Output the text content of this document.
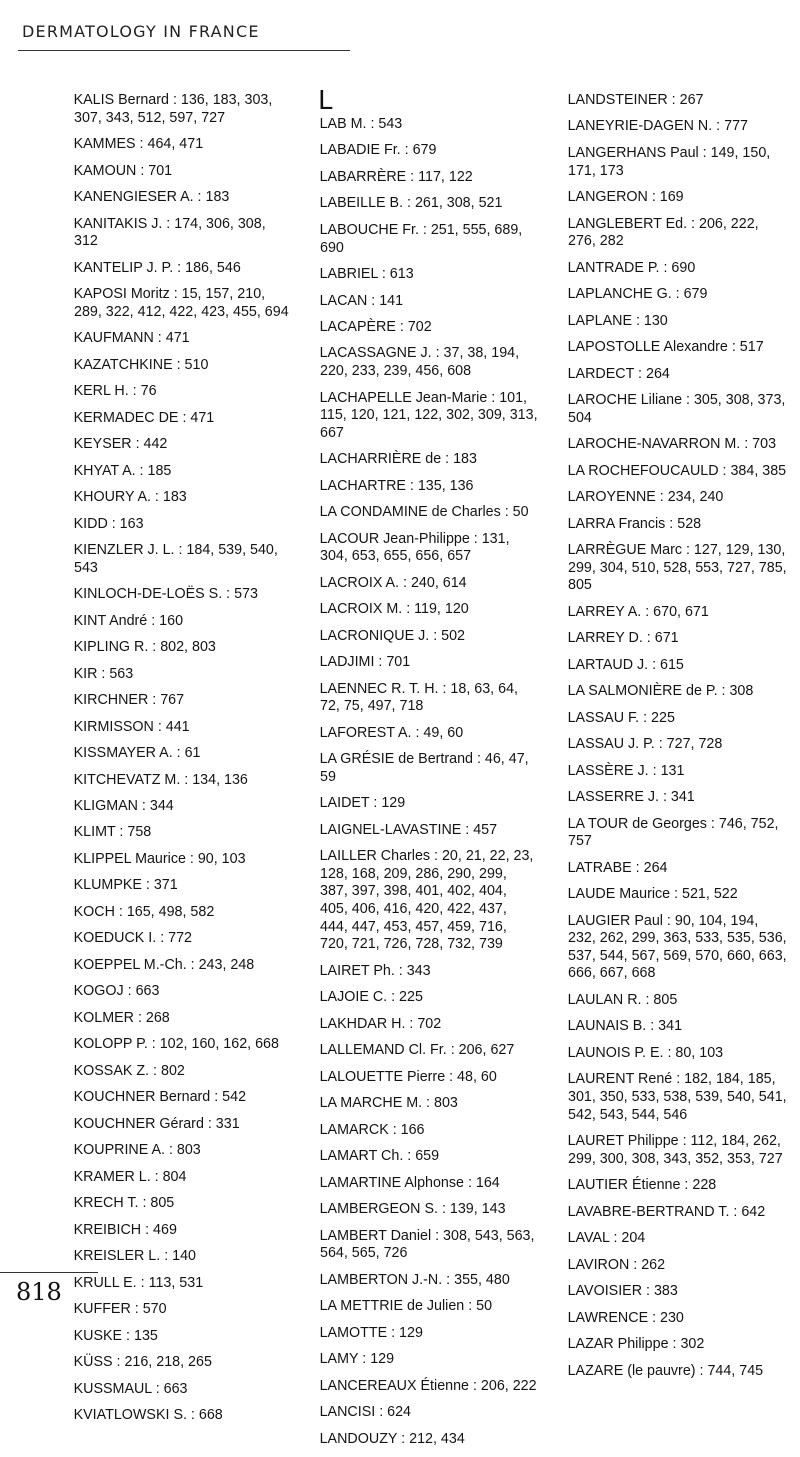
DERMATOLOGY IN FRANCE
KALIS Bernard : 136, 183, 303, 307, 343, 512, 597, 727
KAMMES : 464, 471
KAMOUN : 701
KANENGIESER A. : 183
KANITAKIS J. : 174, 306, 308, 312
KANTELIP J. P. : 186, 546
KAPOSI Moritz : 15, 157, 210, 289, 322, 412, 422, 423, 455, 694
KAUFMANN : 471
KAZATCHKINE : 510
KERL H. : 76
KERMADEC DE : 471
KEYSER : 442
KHYAT A. : 185
KHOURY A. : 183
KIDD : 163
KIENZLER J. L. : 184, 539, 540, 543
KINLOCH-DE-LOËS S. : 573
KINT André : 160
KIPLING R. : 802, 803
KIR : 563
KIRCHNER : 767
KIRMISSON : 441
KISSMAYER A. : 61
KITCHEVATZ M. : 134, 136
KLIGMAN : 344
KLIMT : 758
KLIPPEL Maurice : 90, 103
KLUMPKE : 371
KOCH : 165, 498, 582
KOEDUCK I. : 772
KOEPPEL M.-Ch. : 243, 248
KOGOJ : 663
KOLMER : 268
KOLOPP P. : 102, 160, 162, 668
KOSSAK Z. : 802
KOUCHNER Bernard : 542
KOUCHNER Gérard : 331
KOUPRINE A. : 803
KRAMER L. : 804
KRECH T. : 805
KREIBICH : 469
KREISLER L. : 140
KRULL E. : 113, 531
KUFFER : 570
KUSKE : 135
KÜSS : 216, 218, 265
KUSSMAUL : 663
KVIATLOWSKI S. : 668
L
LAB M. : 543
LABADIE Fr. : 679
LABARRÈRE : 117, 122
LABEILLE B. : 261, 308, 521
LABOUCHE Fr. : 251, 555, 689, 690
LABRIEL : 613
LACAN : 141
LACAPÈRE : 702
LACASSAGNE J. : 37, 38, 194, 220, 233, 239, 456, 608
LACHAPELLE Jean-Marie : 101, 115, 120, 121, 122, 302, 309, 313, 667
LACHARRIÈRE de : 183
LACHARTRE : 135, 136
LA CONDAMINE de Charles : 50
LACOUR Jean-Philippe : 131, 304, 653, 655, 656, 657
LACROIX A. : 240, 614
LACROIX M. : 119, 120
LACRONIQUE J. : 502
LADJIMI : 701
LAENNEC R. T. H. : 18, 63, 64, 72, 75, 497, 718
LAFOREST A. : 49, 60
LA GRÉSIE de Bertrand : 46, 47, 59
LAIDET : 129
LAIGNEL-LAVASTINE : 457
LAILLER Charles : 20, 21, 22, 23, 128, 168, 209, 286, 290, 299, 387, 397, 398, 401, 402, 404, 405, 406, 416, 420, 422, 437, 444, 447, 453, 457, 459, 716, 720, 721, 726, 728, 732, 739
LAIRET Ph. : 343
LAJOIE C. : 225
LAKHDAR H. : 702
LALLEMAND Cl. Fr. : 206, 627
LALOUETTE Pierre : 48, 60
LA MARCHE M. : 803
LAMARCK : 166
LAMART Ch. : 659
LAMARTINE Alphonse : 164
LAMBERGEON S. : 139, 143
LAMBERT Daniel : 308, 543, 563, 564, 565, 726
LAMBERTON J.-N. : 355, 480
LA METTRIE de Julien : 50
LAMOTTE : 129
LAMY : 129
LANCEREAUX Étienne : 206, 222
LANCISI : 624
LANDOUZY : 212, 434
LANDSTEINER : 267
LANEYRIE-DAGEN N. : 777
LANGERHANS Paul : 149, 150, 171, 173
LANGERON : 169
LANGLEBERT Ed. : 206, 222, 276, 282
LANTRADE P. : 690
LAPLANCHE G. : 679
LAPLANE : 130
LAPOSTOLLE Alexandre : 517
LARDECT : 264
LAROCHE Liliane : 305, 308, 373, 504
LAROCHE-NAVARRON M. : 703
LA ROCHEFOUCAULD : 384, 385
LAROYENNE : 234, 240
LARRA Francis : 528
LARRÈGUE Marc : 127, 129, 130, 299, 304, 510, 528, 553, 727, 785, 805
LARREY A. : 670, 671
LARREY D. : 671
LARTAUD J. : 615
LA SALMONIÈRE de P. : 308
LASSAU F. : 225
LASSAU J. P. : 727, 728
LASSÈRE J. : 131
LASSERRE J. : 341
LA TOUR de Georges : 746, 752, 757
LATRABE : 264
LAUDE Maurice : 521, 522
LAUGIER Paul : 90, 104, 194, 232, 262, 299, 363, 533, 535, 536, 537, 544, 567, 569, 570, 660, 663, 666, 667, 668
LAULAN R. : 805
LAUNAIS B. : 341
LAUNOIS P. E. : 80, 103
LAURENT René : 182, 184, 185, 301, 350, 533, 538, 539, 540, 541, 542, 543, 544, 546
LAURET Philippe : 112, 184, 262, 299, 300, 308, 343, 352, 353, 727
LAUTIER Étienne : 228
LAVABRE-BERTRAND T. : 642
LAVAL : 204
LAVIRON : 262
LAVOISIER : 383
LAWRENCE : 230
LAZAR Philippe : 302
LAZARE (le pauvre) : 744, 745
818
